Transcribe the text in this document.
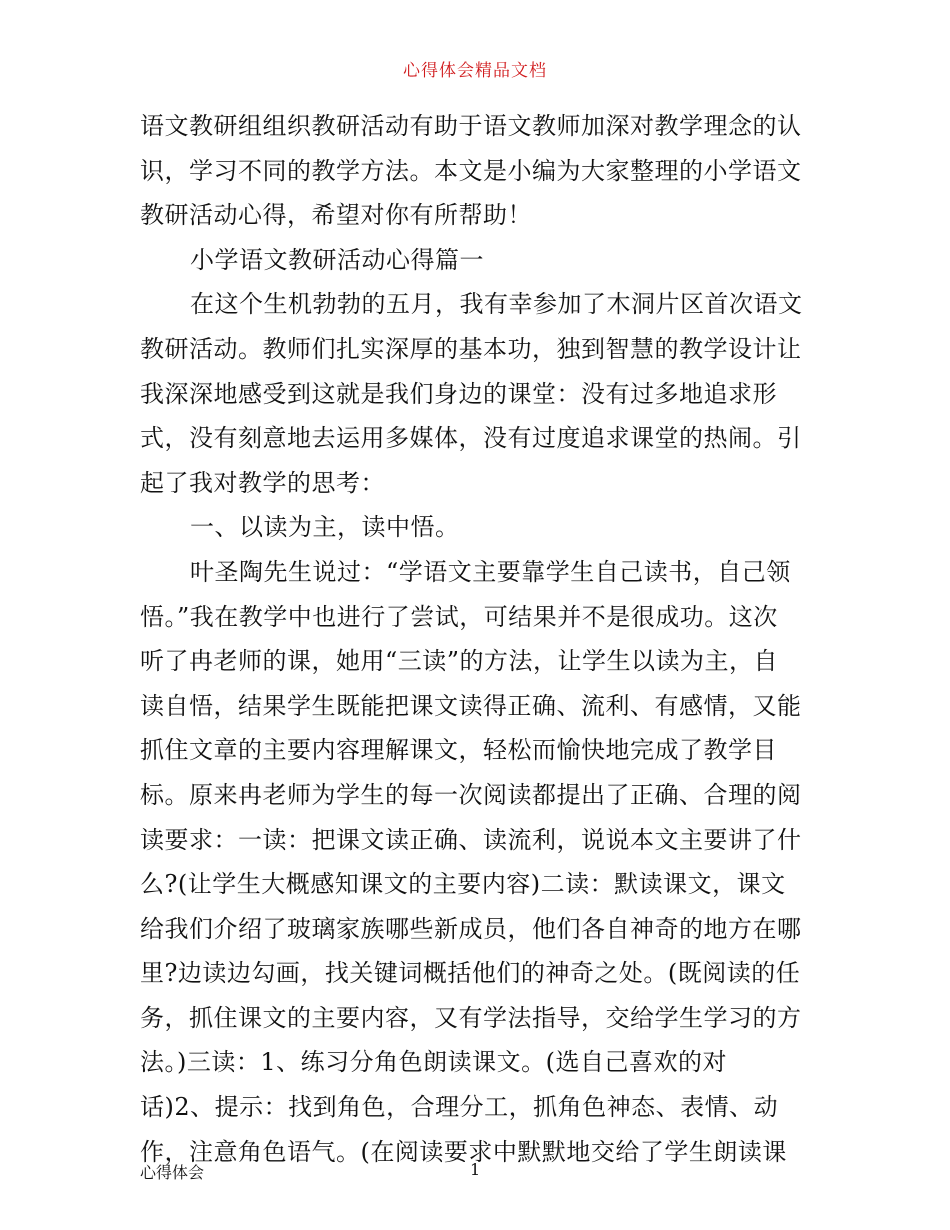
心得体会精品文档
语文教研组组织教研活动有助于语文教师加深对教学理念的认
识，学习不同的教学方法。本文是小编为大家整理的小学语文
教研活动心得，希望对你有所帮助！
小学语文教研活动心得篇一
在这个生机勃勃的五月，我有幸参加了木洞片区首次语文
教研活动。教师们扎实深厚的基本功，独到智慧的教学设计让
我深深地感受到这就是我们身边的课堂：没有过多地追求形
式，没有刻意地去运用多媒体，没有过度追求课堂的热闹。引
起了我对教学的思考：
一、以读为主，读中悟。
叶圣陶先生说过：“学语文主要靠学生自己读书，自己领
悟。”我在教学中也进行了尝试，可结果并不是很成功。这次
听了冉老师的课，她用“三读”的方法，让学生以读为主，自
读自悟，结果学生既能把课文读得正确、流利、有感情，又能
抓住文章的主要内容理解课文，轻松而愉快地完成了教学目
标。原来冉老师为学生的每一次阅读都提出了正确、合理的阅
读要求：一读：把课文读正确、读流利，说说本文主要讲了什
么?(让学生大概感知课文的主要内容)二读：默读课文，课文
给我们介绍了玻璃家族哪些新成员，他们各自神奇的地方在哪
里?边读边勾画，找关键词概括他们的神奇之处。(既阅读的任
务，抓住课文的主要内容，又有学法指导，交给学生学习的方
法。)三读：1、练习分角色朗读课文。(选自己喜欢的对
话)2、提示：找到角色，合理分工，抓角色神态、表情、动
作，注意角色语气。(在阅读要求中默默地交给了学生朗读课
心得体会	1
